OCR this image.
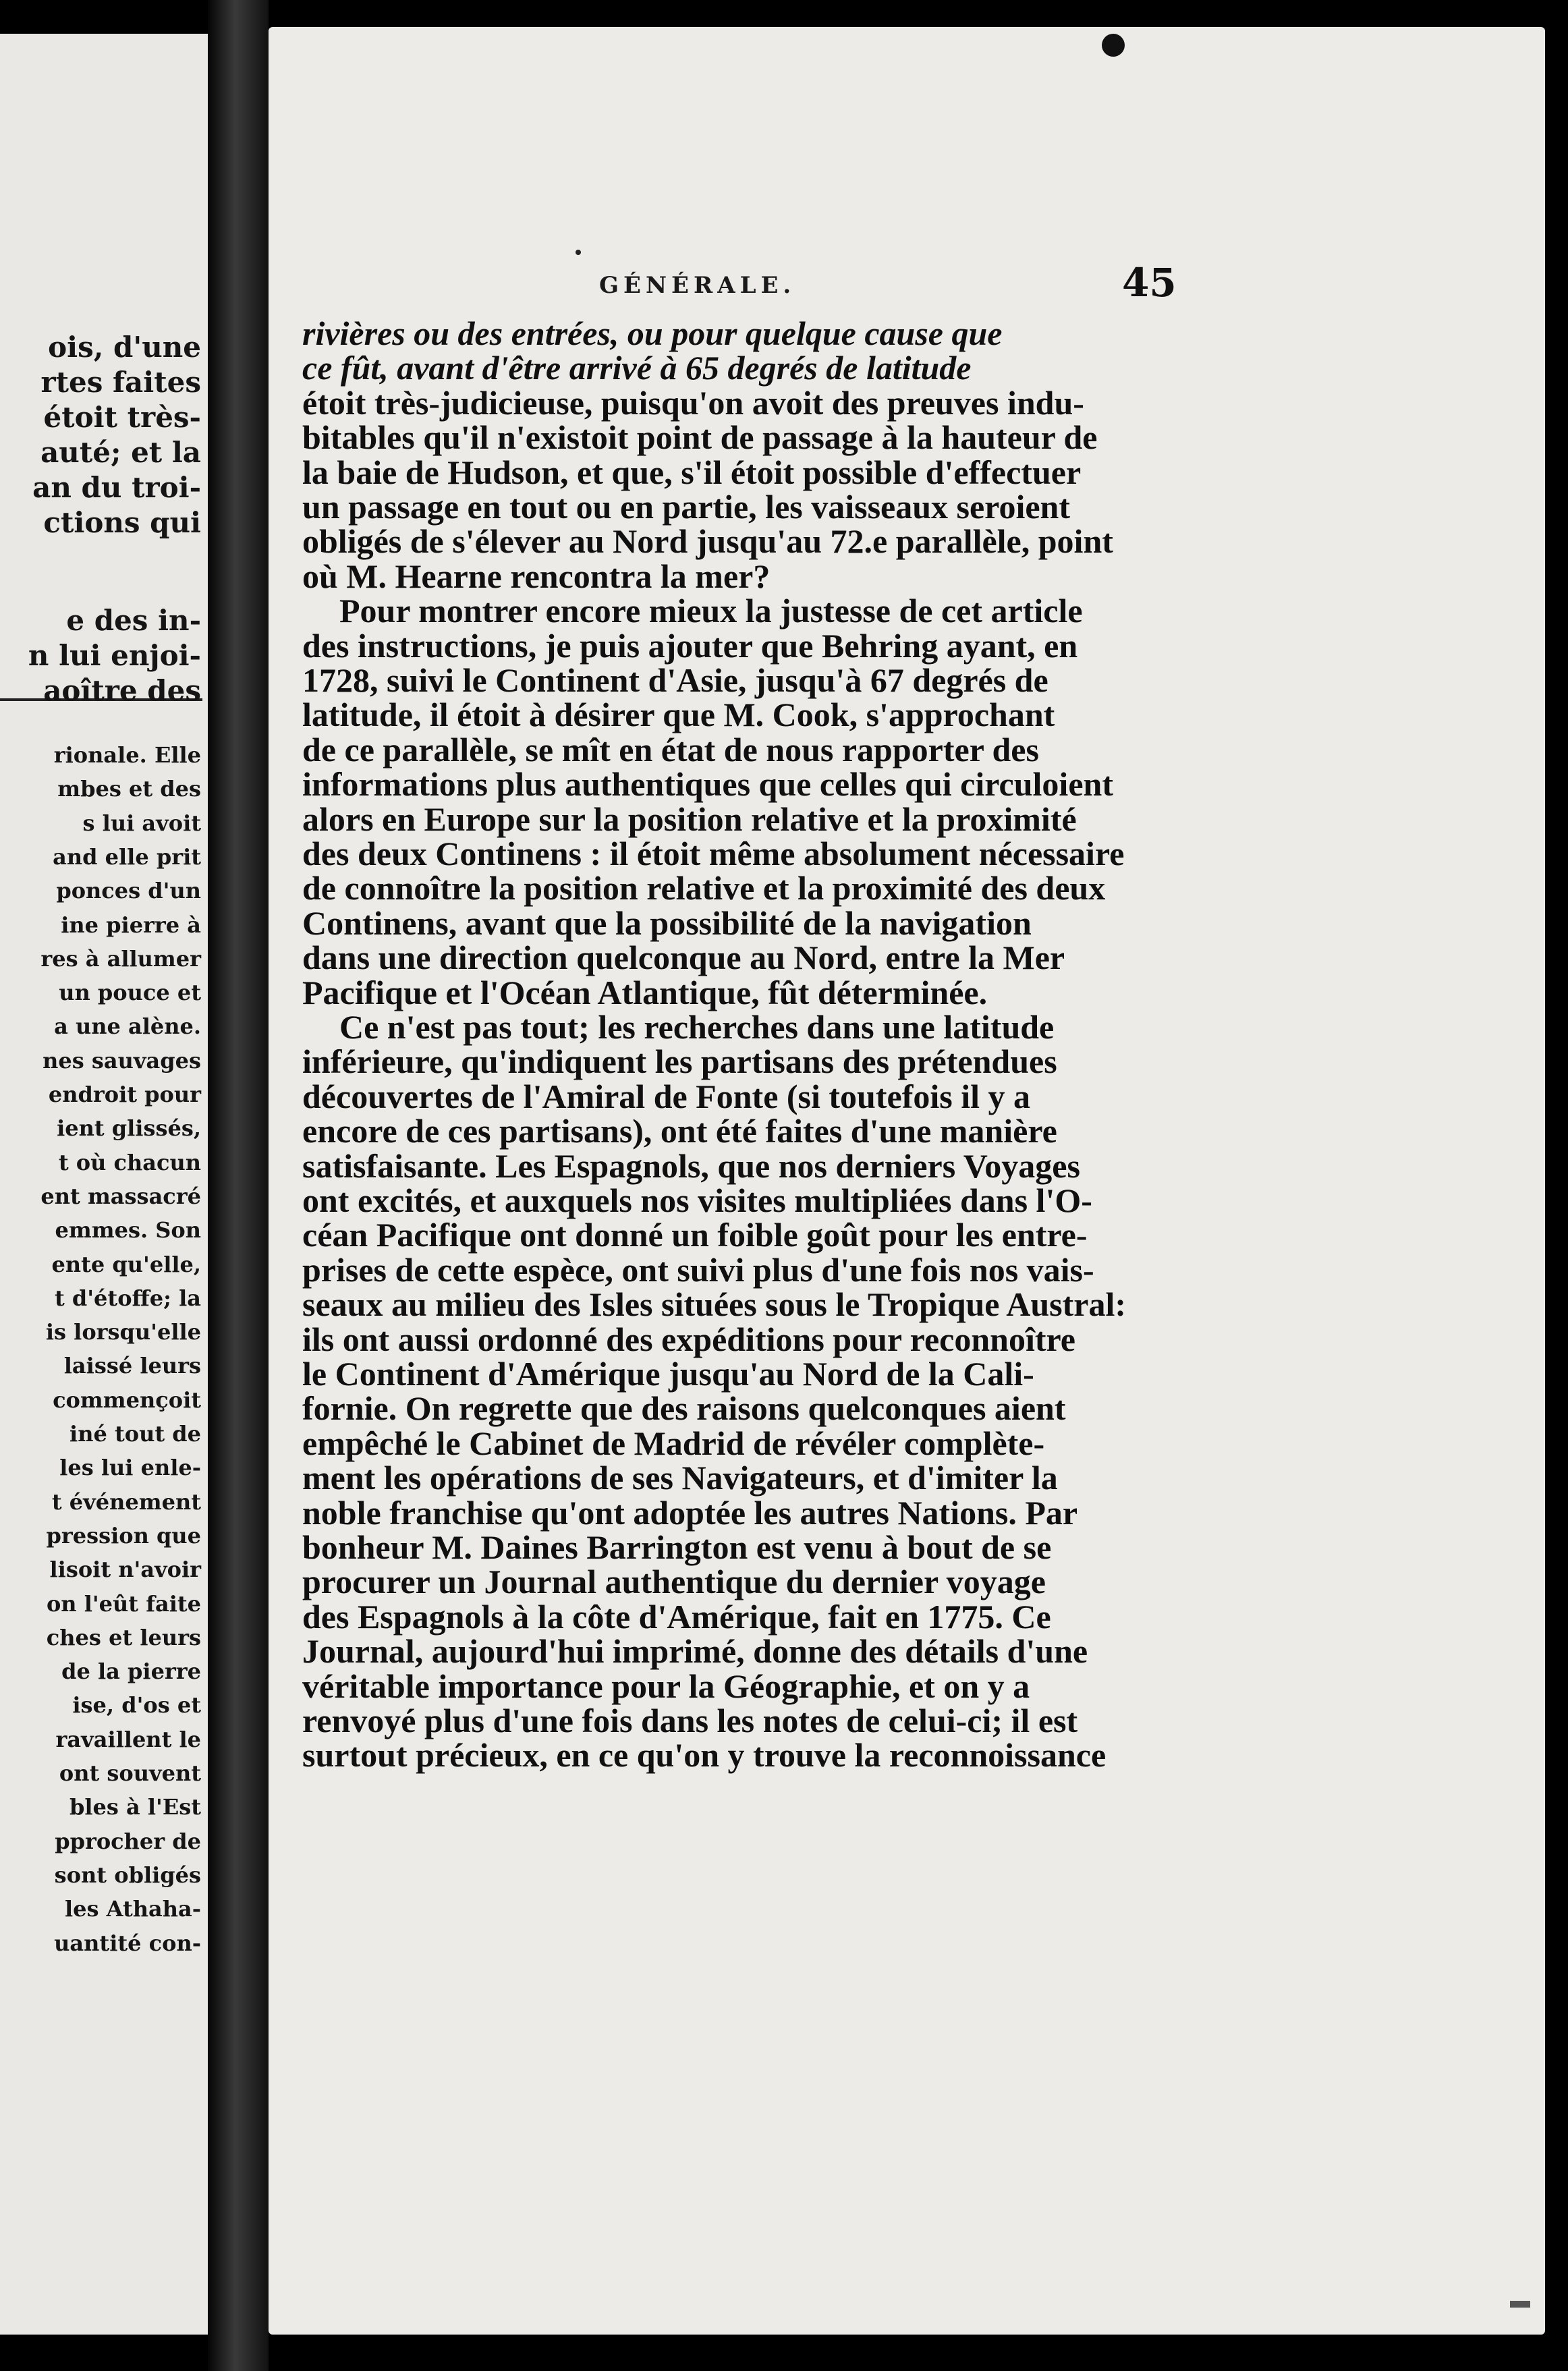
ois, d'une
rtes faites
étoit très-
auté; et la
an du troi-
ctions qui
e des in-
n lui enjoi-
aoître des
rionale. Elle
mbes et des
s lui avoit
and elle prit
ponces d'un
ine pierre à
res à allumer
un pouce et
a une alène.
nes sauvages
endroit pour
ient glissés,
t où chacun
ent massacré
emmes. Son
ente qu'elle,
t d'étoffe; la
is lorsqu'elle
laissé leurs
commençoit
iné tout de
les lui enle-
t événement
pression que
lisoit n'avoir
on l'eût faite
ches et leurs
de la pierre
ise, d'os et
ravaillent le
ont souvent
bles à l'Est
pprocher de
sont obligés
les Athaha-
uantité con-
GÉNÉRALE.	45
rivières ou des entrées, ou pour quelque cause que
ce fût, avant d'être arrivé à 65 degrés de latitude
étoit très-judicieuse, puisqu'on avoit des preuves indu-
bitables qu'il n'existoit point de passage à la hauteur de
la baie de Hudson, et que, s'il étoit possible d'effectuer
un passage en tout ou en partie, les vaisseaux seroient
obligés de s'élever au Nord jusqu'au 72.e parallèle, point
où M. Hearne rencontra la mer?
Pour montrer encore mieux la justesse de cet article
des instructions, je puis ajouter que Behring ayant, en
1728, suivi le Continent d'Asie, jusqu'à 67 degrés de
latitude, il étoit à désirer que M. Cook, s'approchant
de ce parallèle, se mît en état de nous rapporter des
informations plus authentiques que celles qui circuloient
alors en Europe sur la position relative et la proximité
des deux Continens : il étoit même absolument nécessaire
de connoître la position relative et la proximité des deux
Continens, avant que la possibilité de la navigation
dans une direction quelconque au Nord, entre la Mer
Pacifique et l'Océan Atlantique, fût déterminée.
Ce n'est pas tout; les recherches dans une latitude
inférieure, qu'indiquent les partisans des prétendues
découvertes de l'Amiral de Fonte (si toutefois il y a
encore de ces partisans), ont été faites d'une manière
satisfaisante. Les Espagnols, que nos derniers Voyages
ont excités, et auxquels nos visites multipliées dans l'O-
céan Pacifique ont donné un foible goût pour les entre-
prises de cette espèce, ont suivi plus d'une fois nos vais-
seaux au milieu des Isles situées sous le Tropique Austral:
ils ont aussi ordonné des expéditions pour reconnoître
le Continent d'Amérique jusqu'au Nord de la Cali-
fornie. On regrette que des raisons quelconques aient
empêché le Cabinet de Madrid de révéler complète-
ment les opérations de ses Navigateurs, et d'imiter la
noble franchise qu'ont adoptée les autres Nations. Par
bonheur M. Daines Barrington est venu à bout de se
procurer un Journal authentique du dernier voyage
des Espagnols à la côte d'Amérique, fait en 1775. Ce
Journal, aujourd'hui imprimé, donne des détails d'une
véritable importance pour la Géographie, et on y a
renvoyé plus d'une fois dans les notes de celui-ci; il est
surtout précieux, en ce qu'on y trouve la reconnoissance
